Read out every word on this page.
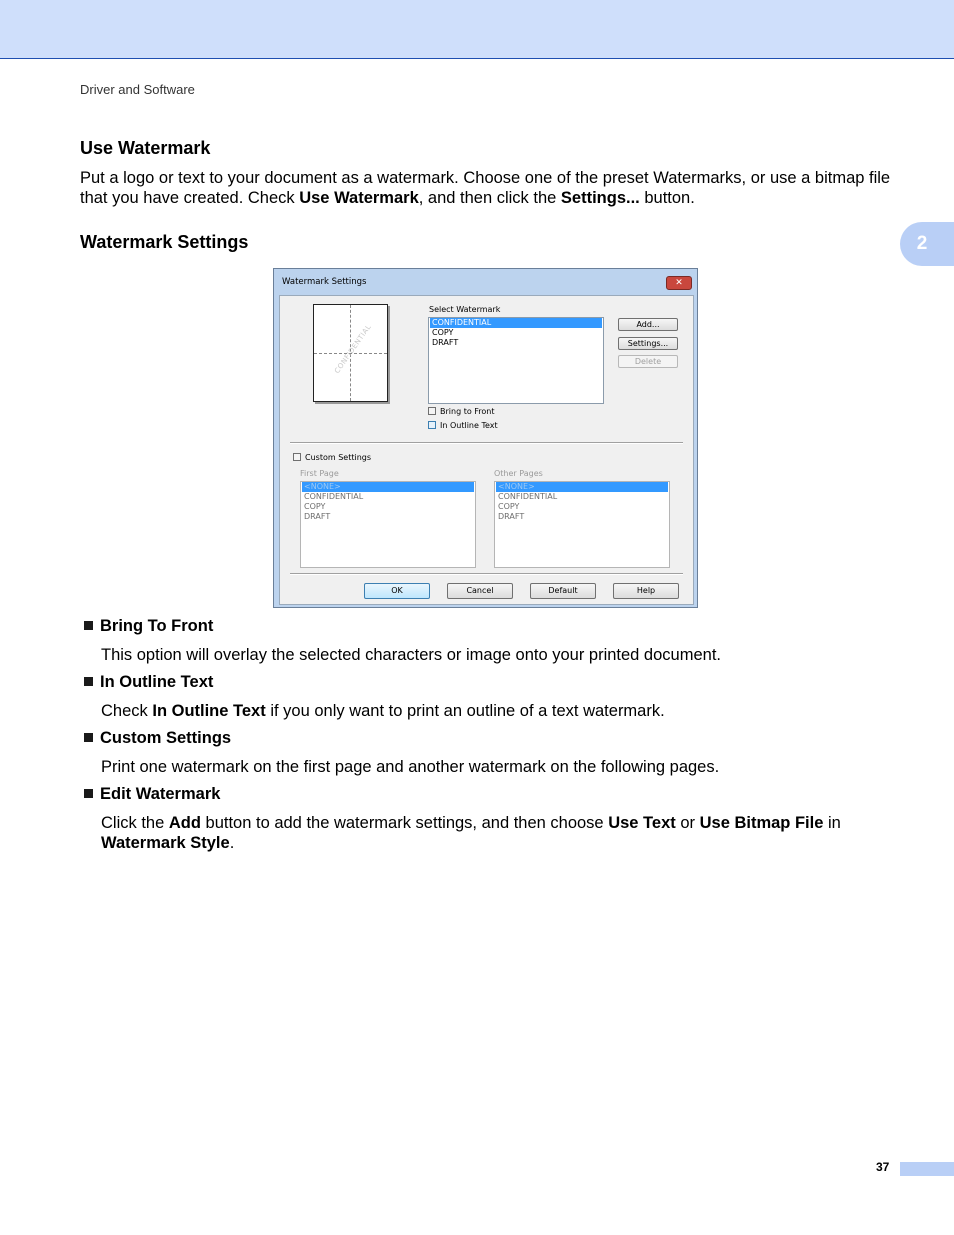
Driver and Software
2
Use Watermark
Put a logo or text to your document as a watermark. Choose one of the preset Watermarks, or use a bitmap file that you have created. Check Use Watermark, and then click the Settings... button.
Watermark Settings
Watermark Settings	✕
CONFIDENTIAL
Select Watermark
CONFIDENTIAL
COPY
DRAFT
Add...
Settings...
Delete
Bring to Front
In Outline Text
Custom Settings
First Page
<NONE>
CONFIDENTIAL
COPY
DRAFT
Other Pages
<NONE>
CONFIDENTIAL
COPY
DRAFT
OK	Cancel	Default	Help
Bring To Front
This option will overlay the selected characters or image onto your printed document.
In Outline Text
Check In Outline Text if you only want to print an outline of a text watermark.
Custom Settings
Print one watermark on the first page and another watermark on the following pages.
Edit Watermark
Click the Add button to add the watermark settings, and then choose Use Text or Use Bitmap File in Watermark Style.
37
